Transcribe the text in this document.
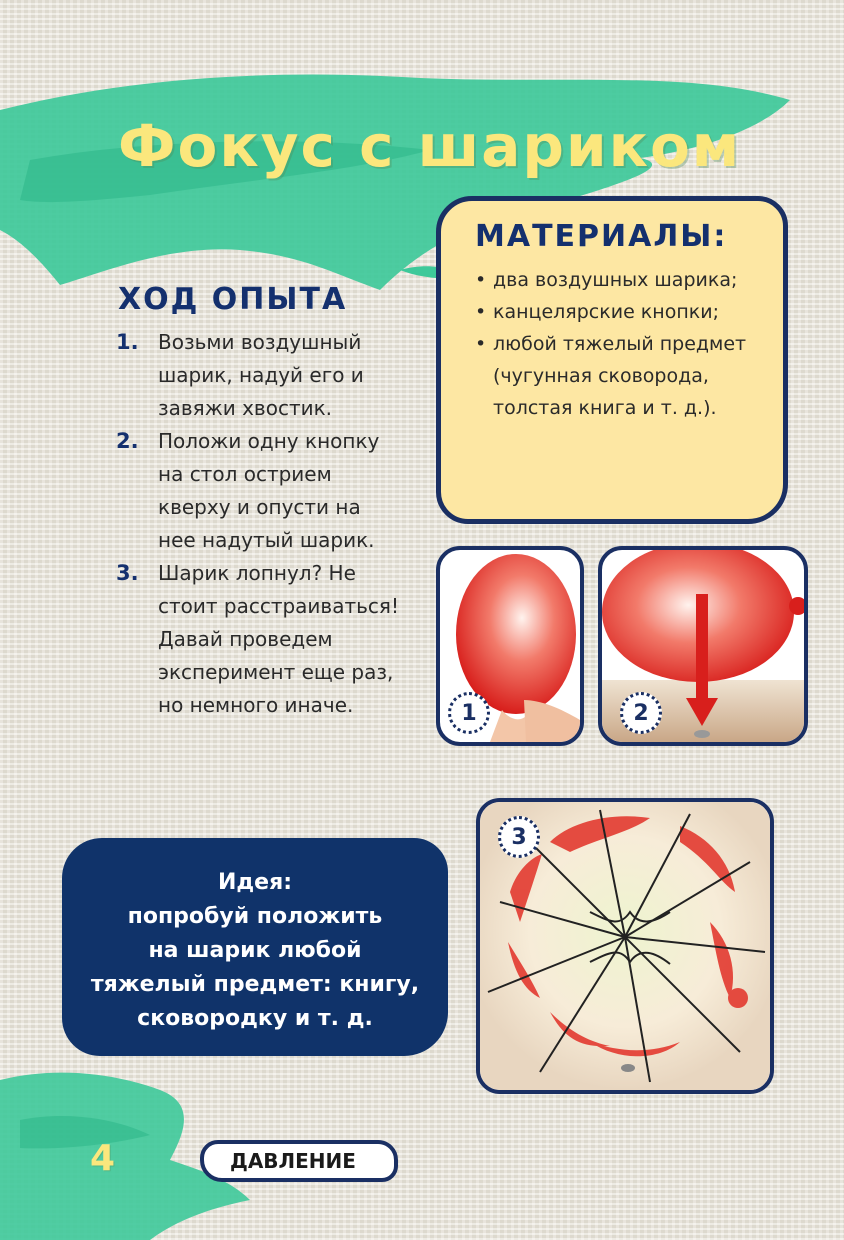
Фокус с шариком
МАТЕРИАЛЫ:
• два воздушных шарика;
• канцелярские кнопки;
• любой тяжелый предмет (чугунная сковорода, толстая книга и т. д.).
ХОД ОПЫТА
1. Возьми воздушный шарик, надуй его и завяжи хвостик.
2. Положи одну кнопку на стол острием кверху и опусти на нее надутый шарик.
3. Шарик лопнул? Не стоит расстраиваться! Давай проведем эксперимент еще раз, но немного иначе.	1	2
3
Идея:
попробуй положить
на шарик любой
тяжелый предмет: книгу,
сковородку и т. д.
4	ДАВЛЕНИЕ
